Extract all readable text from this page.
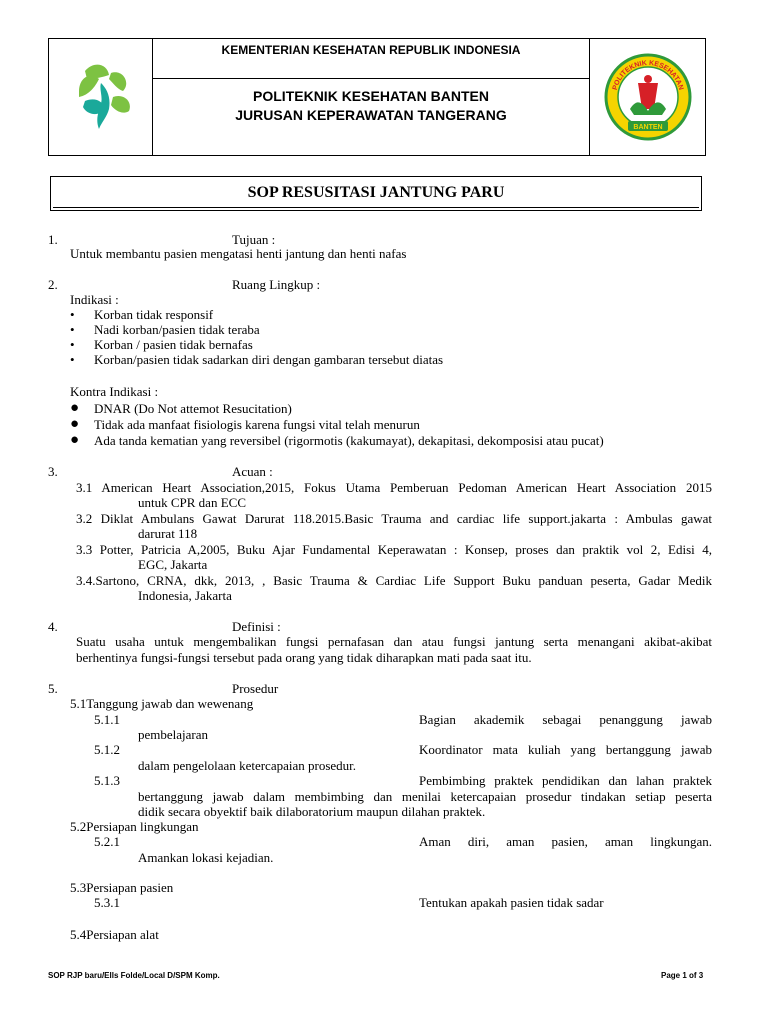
KEMENTERIAN KESEHATAN REPUBLIK INDONESIA
POLITEKNIK KESEHATAN BANTEN
JURUSAN KEPERAWATAN TANGERANG
POLITEKNIK KESEHATAN
BANTEN
SOP RESUSITASI JANTUNG PARU
1.	Tujuan :
Untuk membantu pasien mengatasi henti jantung dan henti nafas
2.	Ruang Lingkup :
Indikasi :
• Korban tidak responsif
• Nadi korban/pasien tidak teraba
• Korban / pasien tidak bernafas
• Korban/pasien tidak sadarkan diri dengan gambaran tersebut diatas
Kontra Indikasi :
● DNAR (Do Not attemot Resucitation)
● Tidak ada manfaat fisiologis karena fungsi vital telah menurun
● Ada tanda kematian yang reversibel (rigormotis (kakumayat), dekapitasi, dekomposisi atau pucat)
3.	Acuan :
3.1 American Heart Association,2015, Fokus Utama Pemberuan Pedoman American Heart Association 2015
untuk CPR dan ECC
3.2 Diklat Ambulans Gawat Darurat 118.2015.Basic Trauma and cardiac life support.jakarta : Ambulas gawat
darurat 118
3.3 Potter, Patricia A,2005, Buku Ajar Fundamental Keperawatan : Konsep, proses dan praktik vol 2, Edisi 4,
EGC, Jakarta
3.4.Sartono, CRNA, dkk, 2013, , Basic Trauma & Cardiac Life Support Buku panduan peserta, Gadar Medik
Indonesia, Jakarta
4.	Definisi :
Suatu usaha untuk mengembalikan fungsi pernafasan dan atau fungsi jantung serta menangani akibat-akibat
berhentinya fungsi-fungsi tersebut pada orang yang tidak diharapkan mati pada saat itu.
5.	Prosedur
5.1Tanggung jawab dan wewenang
5.1.1	Bagian akademik sebagai penanggung jawab
pembelajaran
5.1.2	Koordinator mata kuliah yang bertanggung jawab
dalam pengelolaan ketercapaian prosedur.
5.1.3	Pembimbing praktek pendidikan dan lahan praktek
bertanggung jawab dalam membimbing dan menilai ketercapaian prosedur tindakan setiap peserta
didik secara obyektif baik dilaboratorium maupun dilahan praktek.
5.2Persiapan lingkungan
5.2.1	Aman diri, aman pasien, aman lingkungan.
Amankan lokasi kejadian.
5.3Persiapan pasien
5.3.1	Tentukan apakah pasien tidak sadar
5.4Persiapan alat
SOP RJP baru/Ells Folde/Local D/SPM Komp.	Page 1 of 3
